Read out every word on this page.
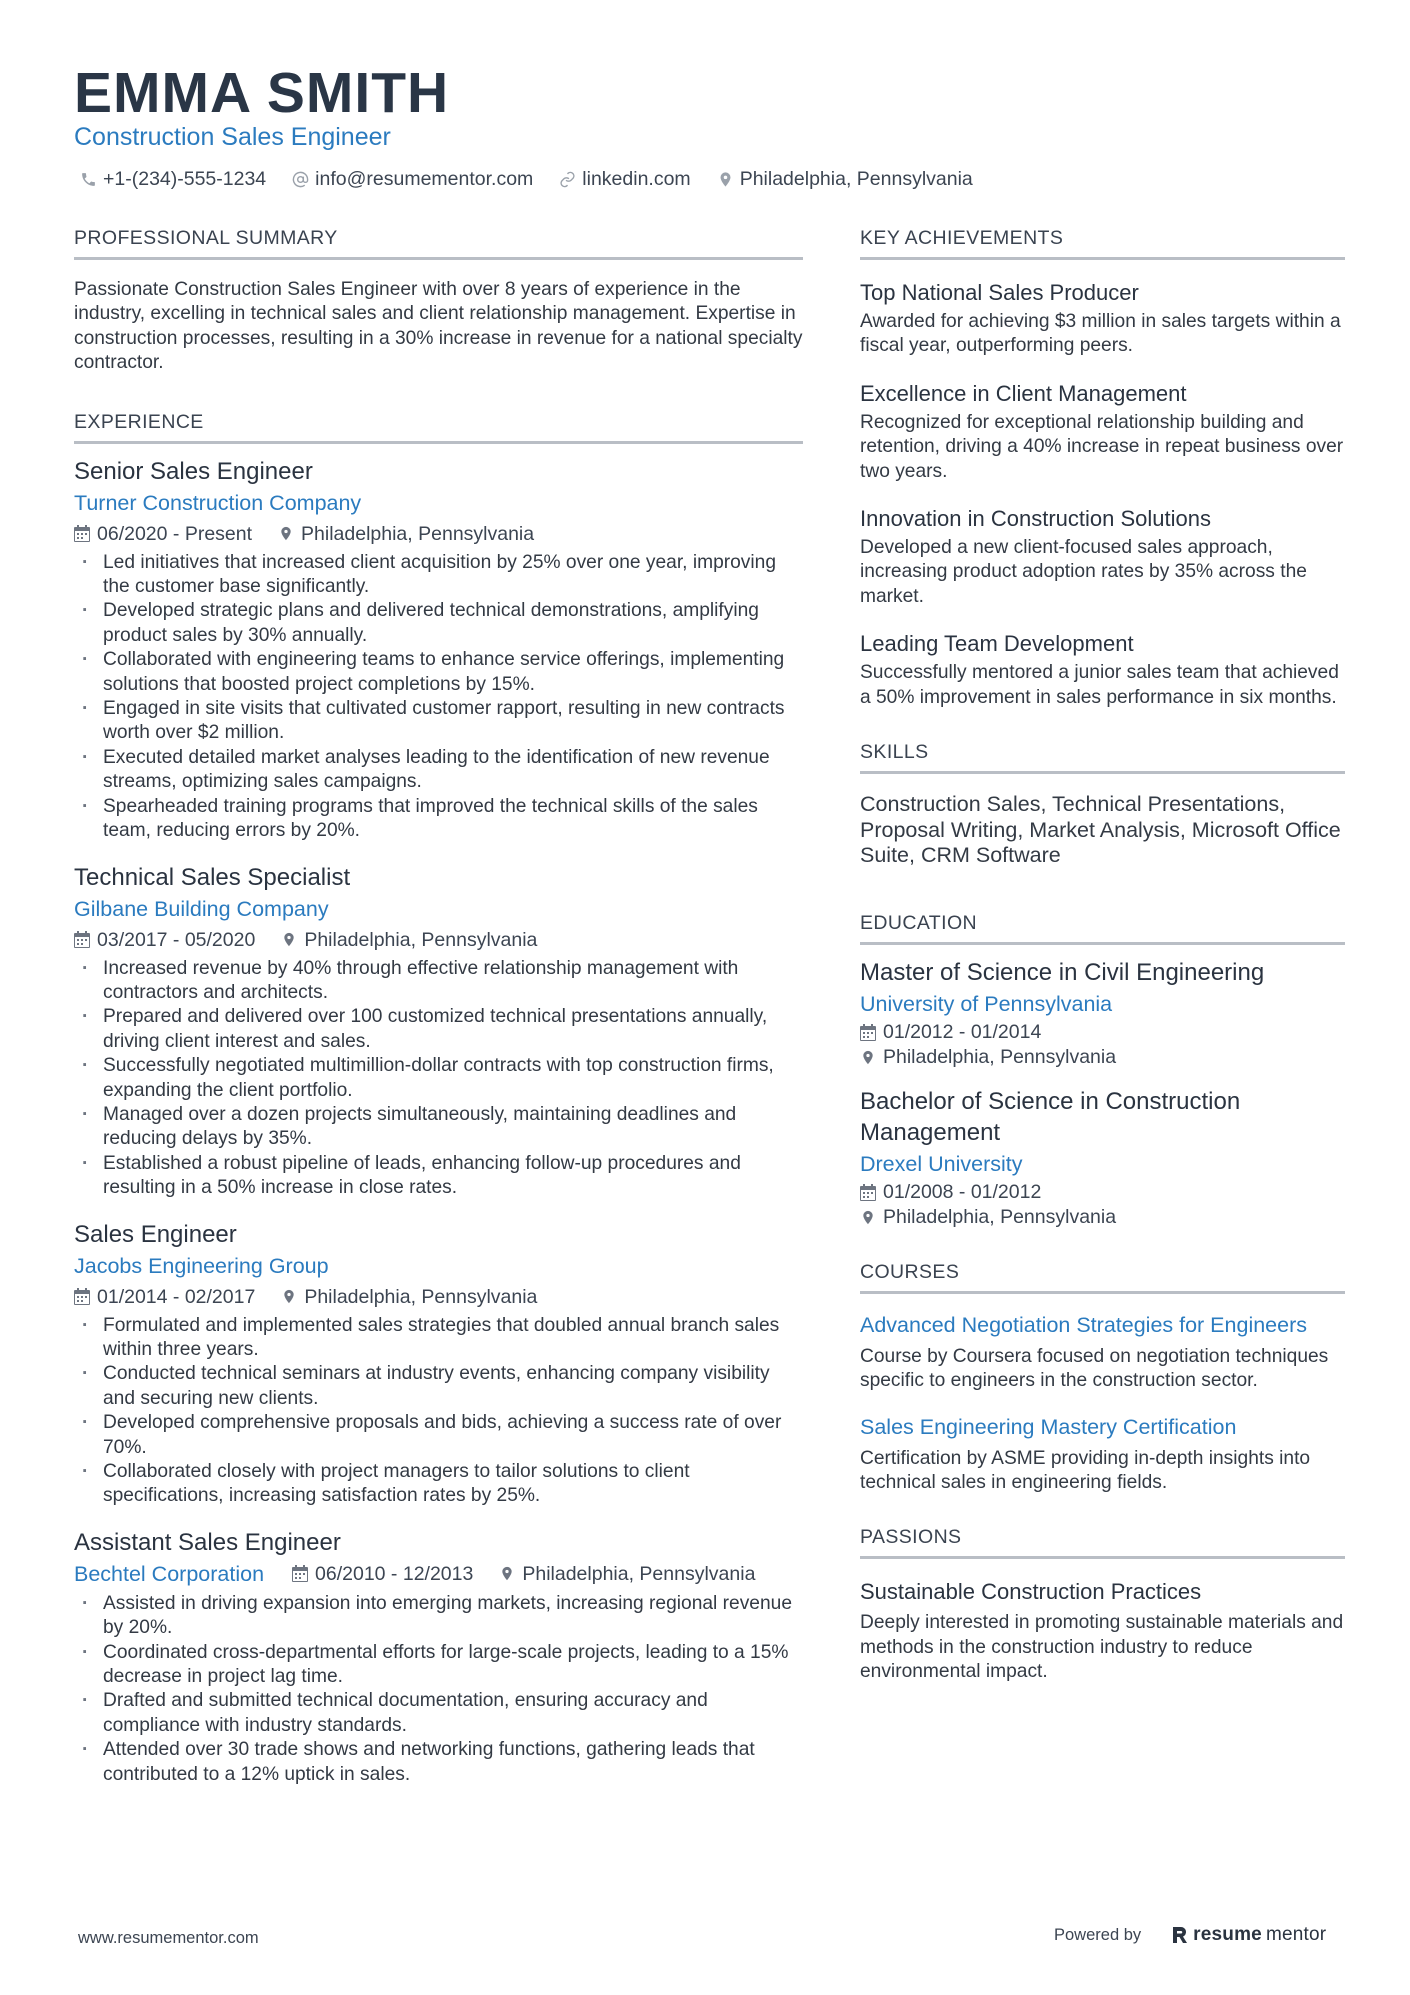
EMMA SMITH
Construction Sales Engineer
+1-(234)-555-1234	info@resumementor.com	linkedin.com	Philadelphia, Pennsylvania
PROFESSIONAL SUMMARY

Passionate Construction Sales Engineer with over 8 years of experience in the industry, excelling in technical sales and client relationship management. Expertise in construction processes, resulting in a 30% increase in revenue for a national specialty contractor.

EXPERIENCE
Senior Sales Engineer
Turner Construction Company
06/2020 - Present	Philadelphia, Pennsylvania
· Led initiatives that increased client acquisition by 25% over one year, improving the customer base significantly.
· Developed strategic plans and delivered technical demonstrations, amplifying product sales by 30% annually.
· Collaborated with engineering teams to enhance service offerings, implementing solutions that boosted project completions by 15%.
· Engaged in site visits that cultivated customer rapport, resulting in new contracts worth over $2 million.
· Executed detailed market analyses leading to the identification of new revenue streams, optimizing sales campaigns.
· Spearheaded training programs that improved the technical skills of the sales team, reducing errors by 20%.
Technical Sales Specialist
Gilbane Building Company
03/2017 - 05/2020	Philadelphia, Pennsylvania
· Increased revenue by 40% through effective relationship management with contractors and architects.
· Prepared and delivered over 100 customized technical presentations annually, driving client interest and sales.
· Successfully negotiated multimillion-dollar contracts with top construction firms, expanding the client portfolio.
· Managed over a dozen projects simultaneously, maintaining deadlines and reducing delays by 35%.
· Established a robust pipeline of leads, enhancing follow-up procedures and resulting in a 50% increase in close rates.
Sales Engineer
Jacobs Engineering Group
01/2014 - 02/2017	Philadelphia, Pennsylvania
· Formulated and implemented sales strategies that doubled annual branch sales within three years.
· Conducted technical seminars at industry events, enhancing company visibility and securing new clients.
· Developed comprehensive proposals and bids, achieving a success rate of over 70%.
· Collaborated closely with project managers to tailor solutions to client specifications, increasing satisfaction rates by 25%.
Assistant Sales Engineer
Bechtel Corporation	06/2010 - 12/2013	Philadelphia, Pennsylvania
· Assisted in driving expansion into emerging markets, increasing regional revenue by 20%.
· Coordinated cross-departmental efforts for large-scale projects, leading to a 15% decrease in project lag time.
· Drafted and submitted technical documentation, ensuring accuracy and compliance with industry standards.
· Attended over 30 trade shows and networking functions, gathering leads that contributed to a 12% uptick in sales.
KEY ACHIEVEMENTS
Top National Sales Producer

Awarded for achieving $3 million in sales targets within a fiscal year, outperforming peers.

Excellence in Client Management

Recognized for exceptional relationship building and retention, driving a 40% increase in repeat business over two years.

Innovation in Construction Solutions

Developed a new client-focused sales approach, increasing product adoption rates by 35% across the market.

Leading Team Development

Successfully mentored a junior sales team that achieved a 50% improvement in sales performance in six months.

SKILLS
Construction Sales, Technical Presentations, Proposal Writing, Market Analysis, Microsoft Office Suite, CRM Software
EDUCATION
Master of Science in Civil Engineering
University of Pennsylvania
01/2012 - 01/2014
Philadelphia, Pennsylvania
Bachelor of Science in Construction Management
Drexel University
01/2008 - 01/2012
Philadelphia, Pennsylvania
COURSES
Advanced Negotiation Strategies for Engineers

Course by Coursera focused on negotiation techniques specific to engineers in the construction sector.

Sales Engineering Mastery Certification

Certification by ASME providing in-depth insights into technical sales in engineering fields.

PASSIONS
Sustainable Construction Practices

Deeply interested in promoting sustainable materials and methods in the construction industry to reduce environmental impact.

www.resumementor.com	Powered by	resume mentor
